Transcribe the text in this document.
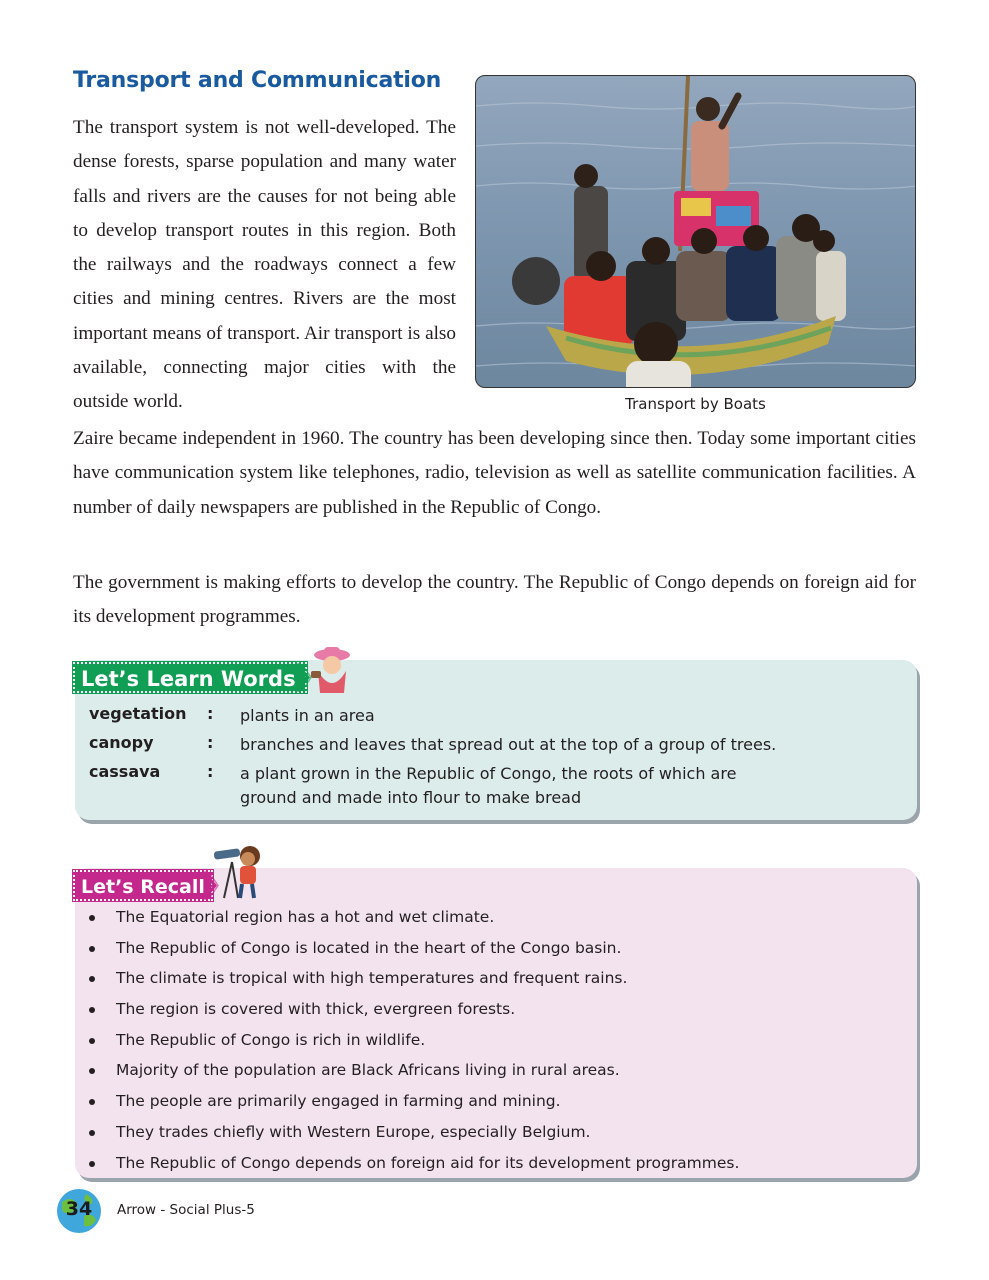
Transport and Communication

The transport system is not well-developed. The dense forests, sparse population and many water falls and rivers are the causes for not being able to develop transport routes in this region. Both the railways and the roadways connect a few cities and mining centres. Rivers are the most important means of transport. Air transport is also available, connecting major cities with the outside world.	Transport by Boats

Zaire became independent in 1960. The country has been developing since then. Today some important cities have communication system like telephones, radio, television as well as satellite communication facilities. A number of daily newspapers are published in the Republic of Congo.

The government is making efforts to develop the country. The Republic of Congo depends on foreign aid for its development programmes.

Let’s Learn Words
vegetation	: plants in an area
canopy	: branches and leaves that spread out at the top of a group of trees.
cassava	: a plant grown in the Republic of Congo, the roots of which are ground and made into flour to make bread
Let’s Recall
The Equatorial region has a hot and wet climate.
The Republic of Congo is located in the heart of the Congo basin.
The climate is tropical with high temperatures and frequent rains.
The region is covered with thick, evergreen forests.
The Republic of Congo is rich in wildlife.
Majority of the population are Black Africans living in rural areas.
The people are primarily engaged in farming and mining.
They trades chiefly with Western Europe, especially Belgium.
The Republic of Congo depends on foreign aid for its development programmes.
34	Arrow - Social Plus-5
